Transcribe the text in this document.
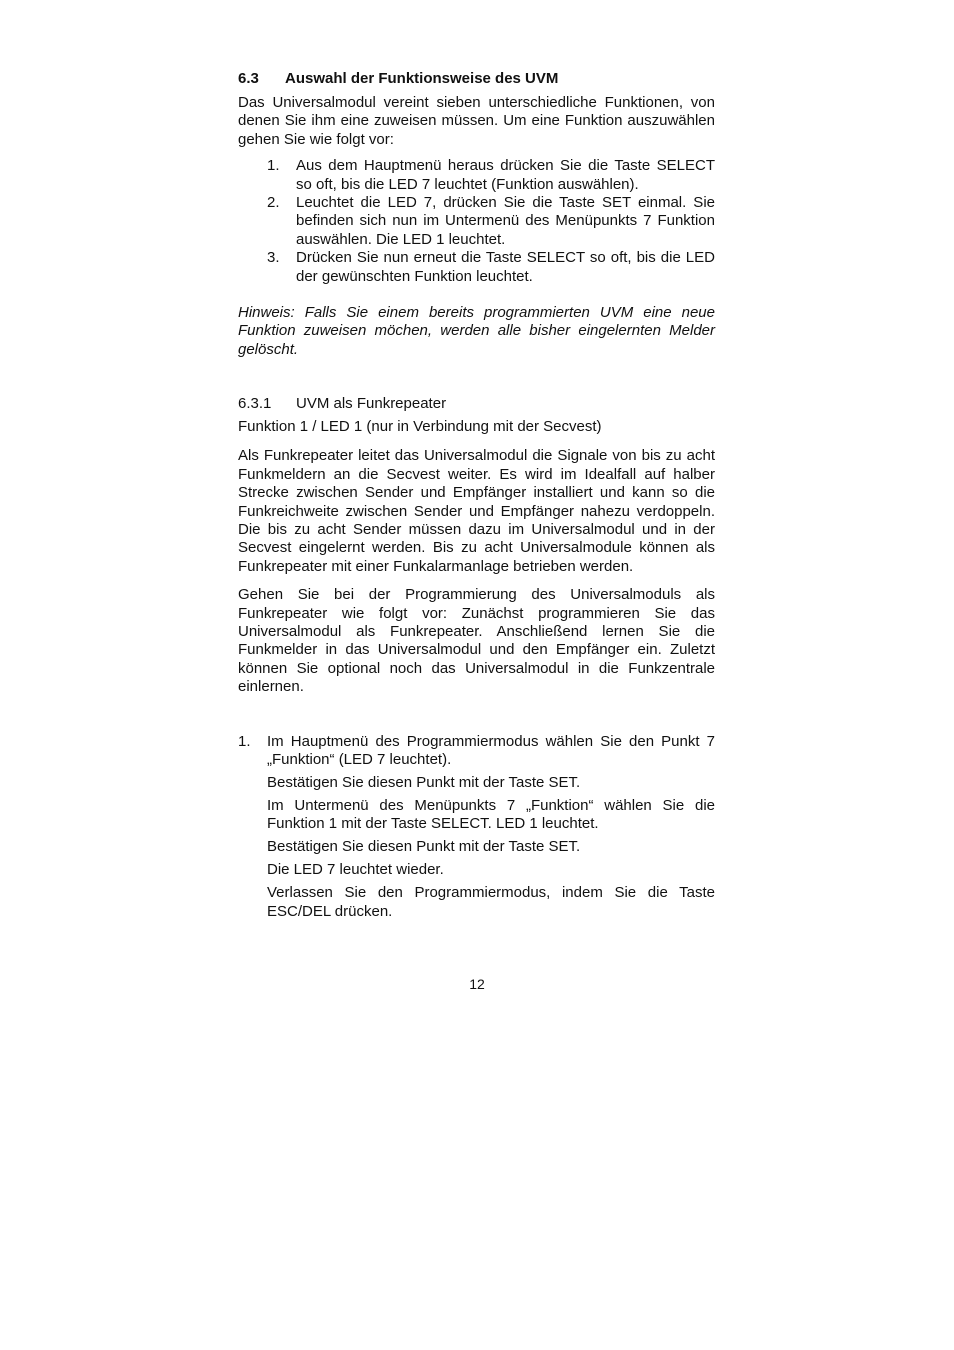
6.3 Auswahl der Funktionsweise des UVM

Das Universalmodul vereint sieben unterschiedliche Funktionen, von denen Sie ihm eine zuweisen müssen. Um eine Funktion auszuwählen gehen Sie wie folgt vor:

1. Aus dem Hauptmenü heraus drücken Sie die Taste SELECT so oft, bis die LED 7 leuchtet (Funktion auswählen).
2. Leuchtet die LED 7, drücken Sie die Taste SET einmal. Sie befinden sich nun im Untermenü des Menüpunkts 7 Funktion auswählen. Die LED 1 leuchtet.
3. Drücken Sie nun erneut die Taste SELECT so oft, bis die LED der gewünschten Funktion leuchtet.

Hinweis: Falls Sie einem bereits programmierten UVM eine neue Funktion zuweisen möchen, werden alle bisher eingelernten Melder gelöscht.

6.3.1 UVM als Funkrepeater
Funktion 1 / LED 1 (nur in Verbindung mit der Secvest)

Als Funkrepeater leitet das Universalmodul die Signale von bis zu acht Funkmeldern an die Secvest weiter. Es wird im Idealfall auf halber Strecke zwischen Sender und Empfänger installiert und kann so die Funkreichweite zwischen Sender und Empfänger nahezu verdoppeln. Die bis zu acht Sender müssen dazu im Universalmodul und in der Secvest eingelernt werden. Bis zu acht Universalmodule können als Funkrepeater mit einer Funkalarmanlage betrieben werden.

Gehen Sie bei der Programmierung des Universalmoduls als Funkrepeater wie folgt vor: Zunächst programmieren Sie das Universalmodul als Funkrepeater. Anschließend lernen Sie die Funkmelder in das Universalmodul und den Empfänger ein. Zuletzt können Sie optional noch das Universalmodul in die Funkzentrale einlernen.

1. Im Hauptmenü des Programmiermodus wählen Sie den Punkt 7 „Funktion“ (LED 7 leuchtet).

Bestätigen Sie diesen Punkt mit der Taste SET.

Im Untermenü des Menüpunkts 7 „Funktion“ wählen Sie die Funktion 1 mit der Taste SELECT. LED 1 leuchtet.

Bestätigen Sie diesen Punkt mit der Taste SET.

Die LED 7 leuchtet wieder.

Verlassen Sie den Programmiermodus, indem Sie die Taste ESC/DEL drücken.

12
